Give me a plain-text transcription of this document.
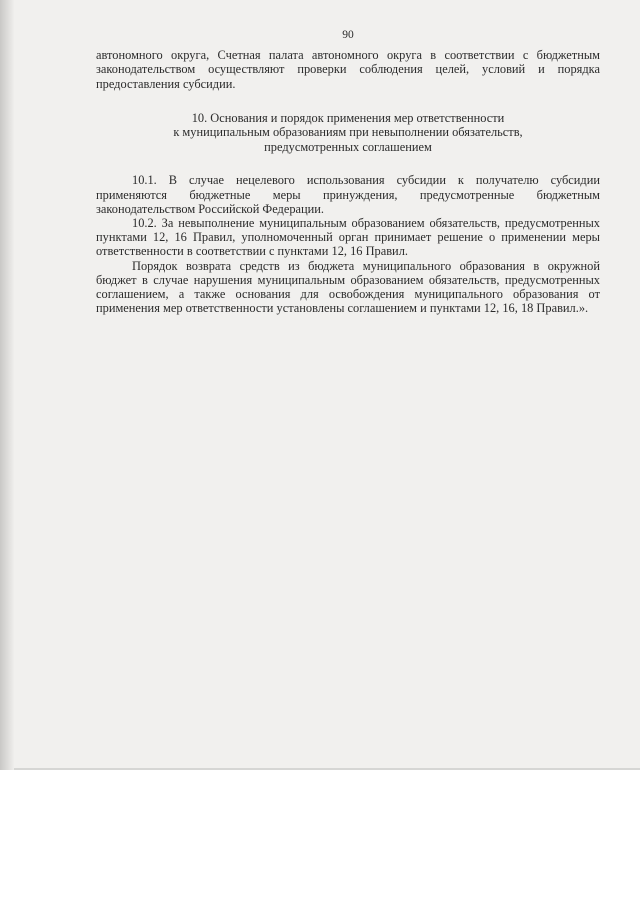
90

автономного округа, Счетная палата автономного округа в соответствии с бюджетным законодательством осуществляют проверки соблюдения целей, условий и порядка предоставления субсидии.

10. Основания и порядок применения мер ответственности
к муниципальным образованиям при невыполнении обязательств,
предусмотренных соглашением

10.1. В случае нецелевого использования субсидии к получателю субсидии применяются бюджетные меры принуждения, предусмотренные бюджетным законодательством Российской Федерации.

10.2. За невыполнение муниципальным образованием обязательств, предусмотренных пунктами 12, 16 Правил, уполномоченный орган принимает решение о применении меры ответственности в соответствии с пунктами 12, 16 Правил.

Порядок возврата средств из бюджета муниципального образования в окружной бюджет в случае нарушения муниципальным образованием обязательств, предусмотренных соглашением, а также основания для освобождения муниципального образования от применения мер ответственности установлены соглашением и пунктами 12, 16, 18 Правил.».
